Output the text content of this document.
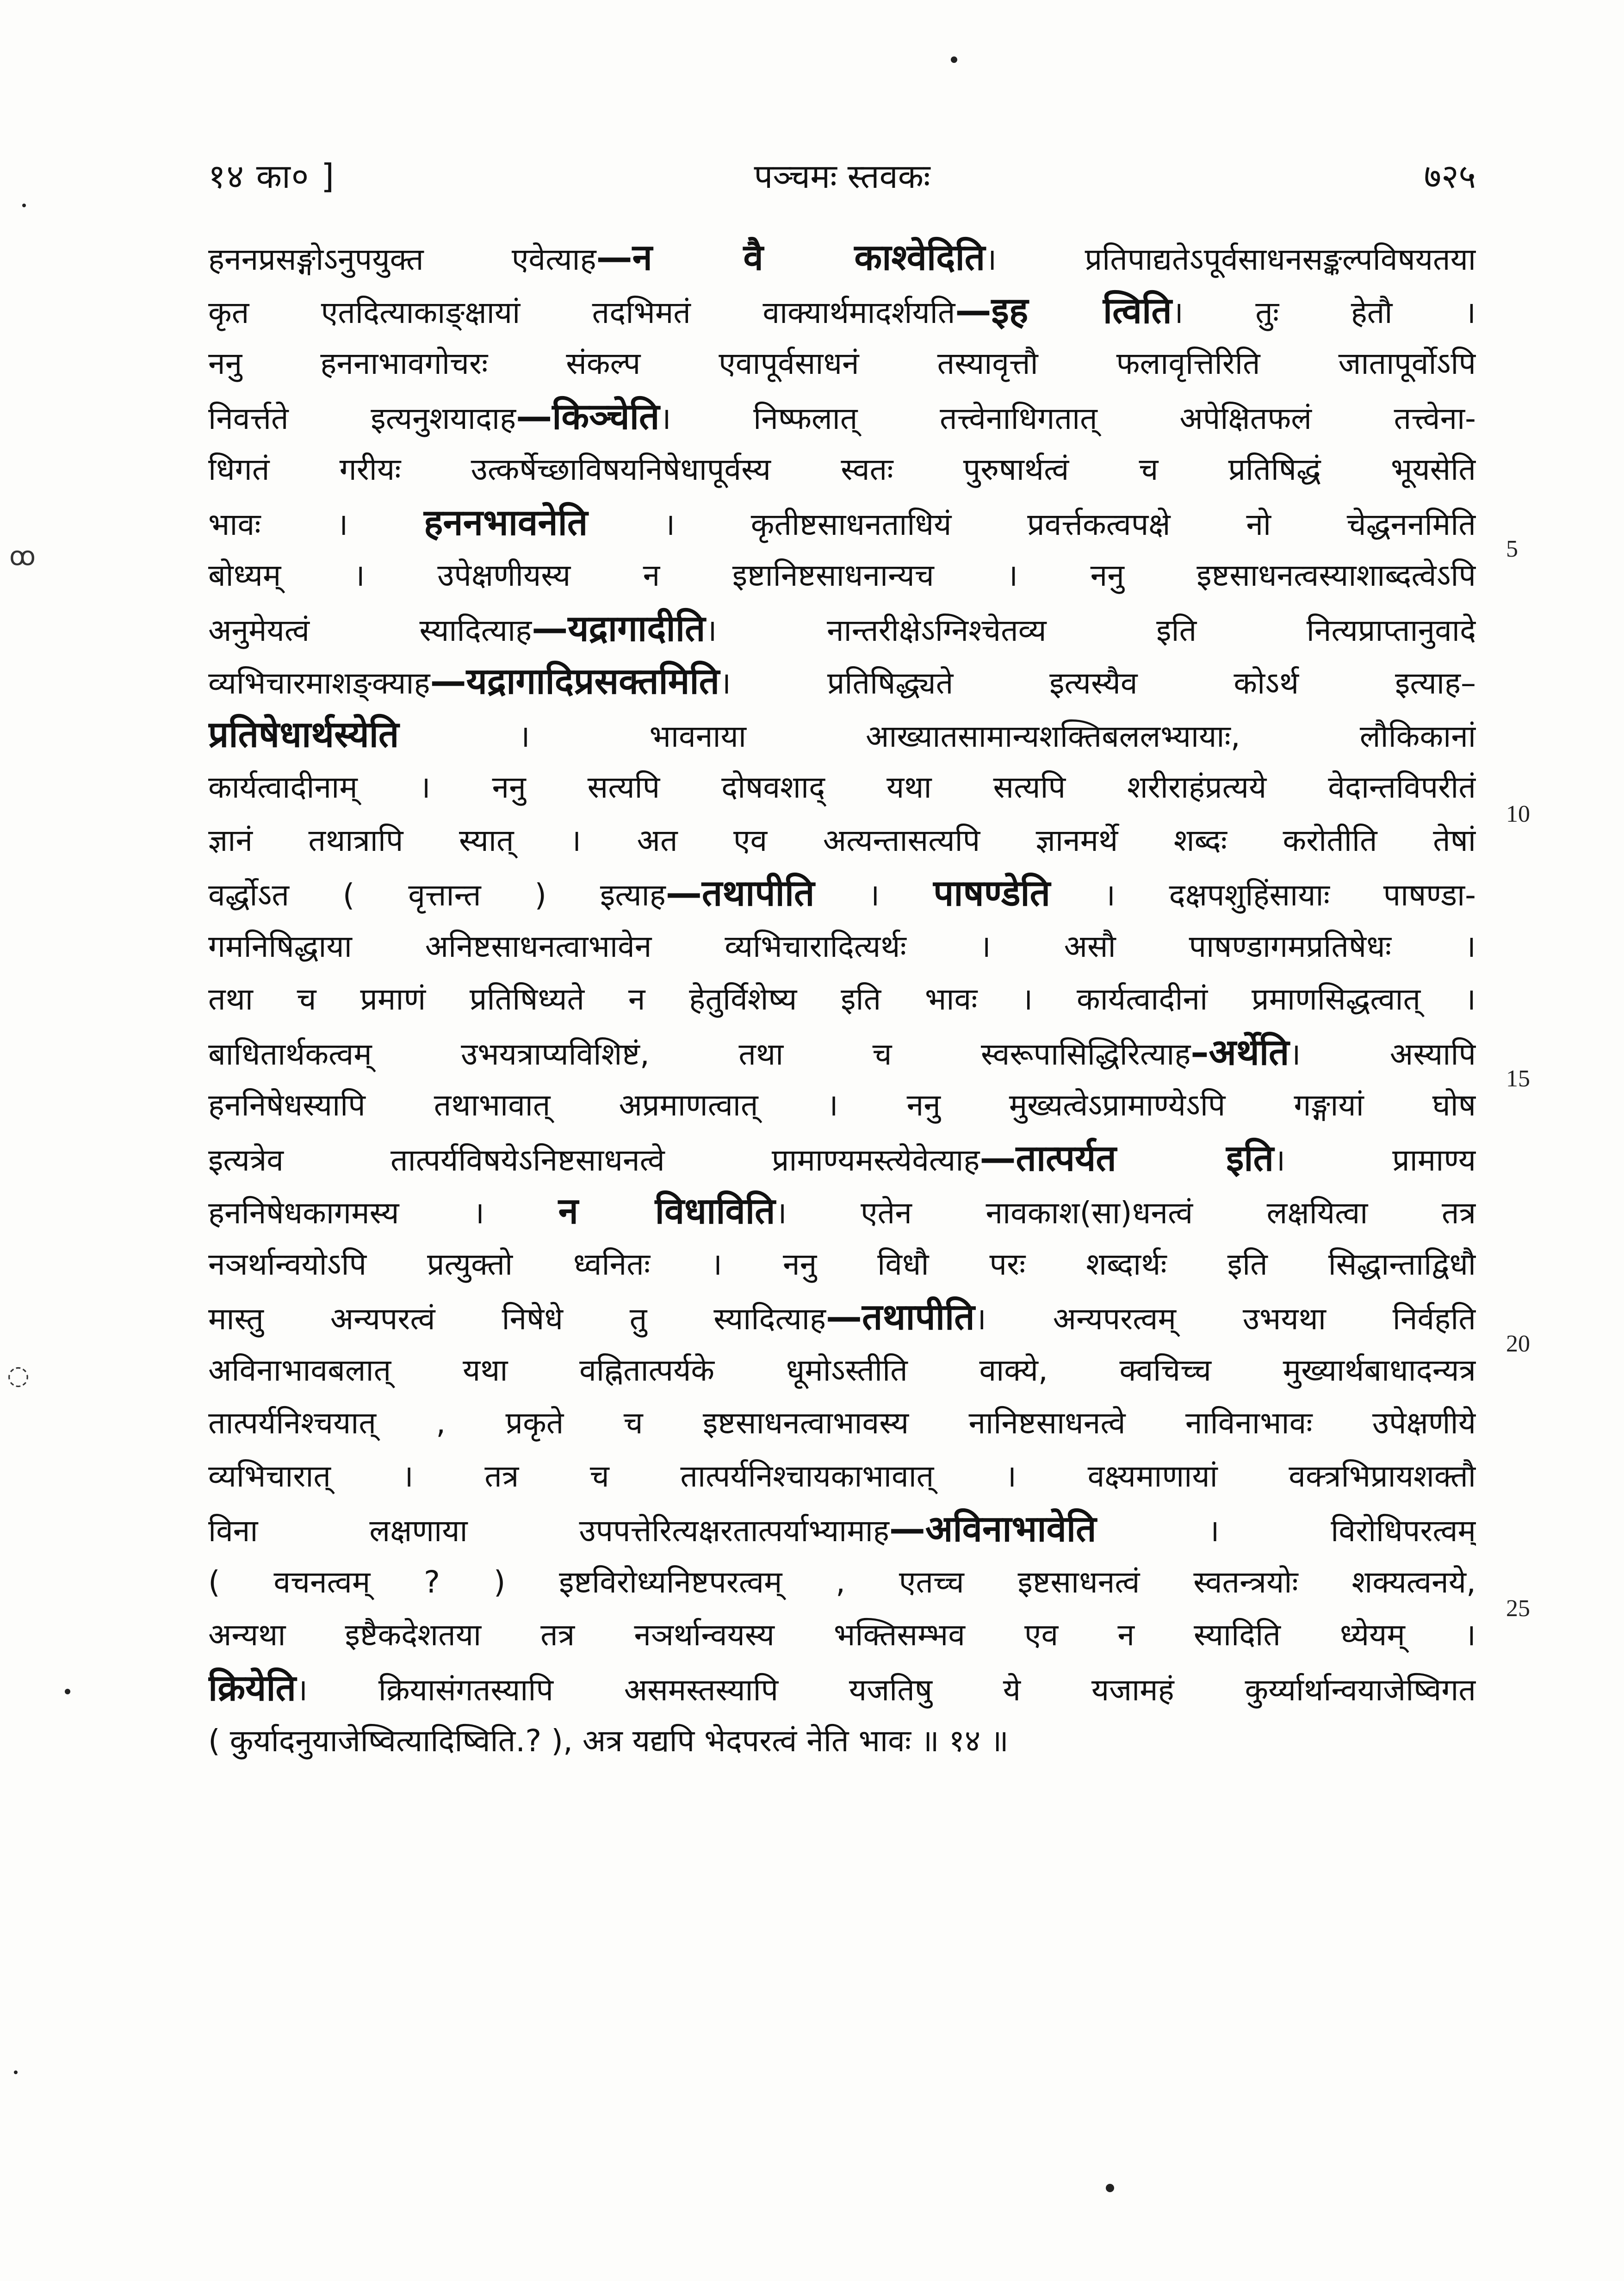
१४ का० ]	पञ्चमः स्तवकः	७२५
हननप्रसङ्गोऽनुपयुक्त एवेत्याह—न वै काश्वेदिति। प्रतिपाद्यतेऽपूर्वसाधनसङ्कल्पविषयतया
कृत एतदित्याकाङ्क्षायां तदभिमतं वाक्यार्थमादर्शयति—इह त्विति। तुः हेतौ ।
ननु हननाभावगोचरः संकल्प एवापूर्वसाधनं तस्यावृत्तौ फलावृत्तिरिति जातापूर्वोऽपि
निवर्त्तते इत्यनुशयादाह—किञ्चेति। निष्फलात् तत्त्वेनाधिगतात् अपेक्षितफलं तत्त्वेना-
धिगतं गरीयः उत्कर्षेच्छाविषयनिषेधापूर्वस्य स्वतः पुरुषार्थत्वं च प्रतिषिद्धं भूयसेति
भावः । हननभावनेति । कृतीष्टसाधनताधियं प्रवर्त्तकत्वपक्षे नो चेद्धननमिति
बोध्यम् । उपेक्षणीयस्य न इष्टानिष्टसाधनान्यच । ननु इष्टसाधनत्वस्याशाब्दत्वेऽपि
अनुमेयत्वं स्यादित्याह—यद्रागादीति। नान्तरीक्षेऽग्निश्चेतव्य इति नित्यप्राप्तानुवादे
व्यभिचारमाशङ्क्याह—यद्रागादिप्रसक्तमिति। प्रतिषिद्ध्यते इत्यस्यैव कोऽर्थ इत्याह–
प्रतिषेधार्थस्येति । भावनाया आख्यातसामान्यशक्तिबललभ्यायाः, लौकिकानां
कार्यत्वादीनाम् । ननु सत्यपि दोषवशाद् यथा सत्यपि शरीराहंप्रत्यये वेदान्तविपरीतं
ज्ञानं तथात्रापि स्यात् । अत एव अत्यन्तासत्यपि ज्ञानमर्थे शब्दः करोतीति तेषां
वर्द्धोऽत ( वृत्तान्त ) इत्याह—तथापीति । पाषण्डेति । दक्षपशुहिंसायाः पाषण्डा-
गमनिषिद्धाया अनिष्टसाधनत्वाभावेन व्यभिचारादित्यर्थः । असौ पाषण्डागमप्रतिषेधः ।
तथा च प्रमाणं प्रतिषिध्यते न हेतुर्विशेष्य इति भावः । कार्यत्वादीनां प्रमाणसिद्धत्वात् ।
बाधितार्थकत्वम् उभयत्राप्यविशिष्टं, तथा च स्वरूपासिद्धिरित्याह–अर्थेति। अस्यापि
हननिषेधस्यापि तथाभावात् अप्रमाणत्वात् । ननु मुख्यत्वेऽप्रामाण्येऽपि गङ्गायां घोष
इत्यत्रेव तात्पर्यविषयेऽनिष्टसाधनत्वे प्रामाण्यमस्त्येवेत्याह—तात्पर्यत इति। प्रामाण्य
हननिषेधकागमस्य । न विधाविति। एतेन नावकाश(सा)धनत्वं लक्षयित्वा तत्र
नञर्थान्वयोऽपि प्रत्युक्तो ध्वनितः । ननु विधौ परः शब्दार्थः इति सिद्धान्ताद्विधौ
मास्तु अन्यपरत्वं निषेधे तु स्यादित्याह—तथापीति। अन्यपरत्वम् उभयथा निर्वहति
अविनाभावबलात् यथा वह्नितात्पर्यके धूमोऽस्तीति वाक्ये, क्वचिच्च मुख्यार्थबाधादन्यत्र
तात्पर्यनिश्चयात् , प्रकृते च इष्टसाधनत्वाभावस्य नानिष्टसाधनत्वे नाविनाभावः उपेक्षणीये
व्यभिचारात् । तत्र च तात्पर्यनिश्चायकाभावात् । वक्ष्यमाणायां वक्त्रभिप्रायशक्तौ
विना लक्षणाया उपपत्तेरित्यक्षरतात्पर्याभ्यामाह—अविनाभावेति । विरोधिपरत्वम्
( वचनत्वम् ? ) इष्टविरोध्यनिष्टपरत्वम् , एतच्च इष्टसाधनत्वं स्वतन्त्रयोः शक्यत्वनये,
अन्यथा इष्टैकदेशतया तत्र नञर्थान्वयस्य भक्तिसम्भव एव न स्यादिति ध्येयम् ।
क्रियेति। क्रियासंगतस्यापि असमस्तस्यापि यजतिषु ये यजामहं कुर्य्यार्थान्वयाजेष्विगत
( कुर्यादनुयाजेष्वित्यादिष्विति.? ), अत्र यद्यपि भेदपरत्वं नेति भावः ॥ १४ ॥
5
10
15
20
25
ꝏ
◌
